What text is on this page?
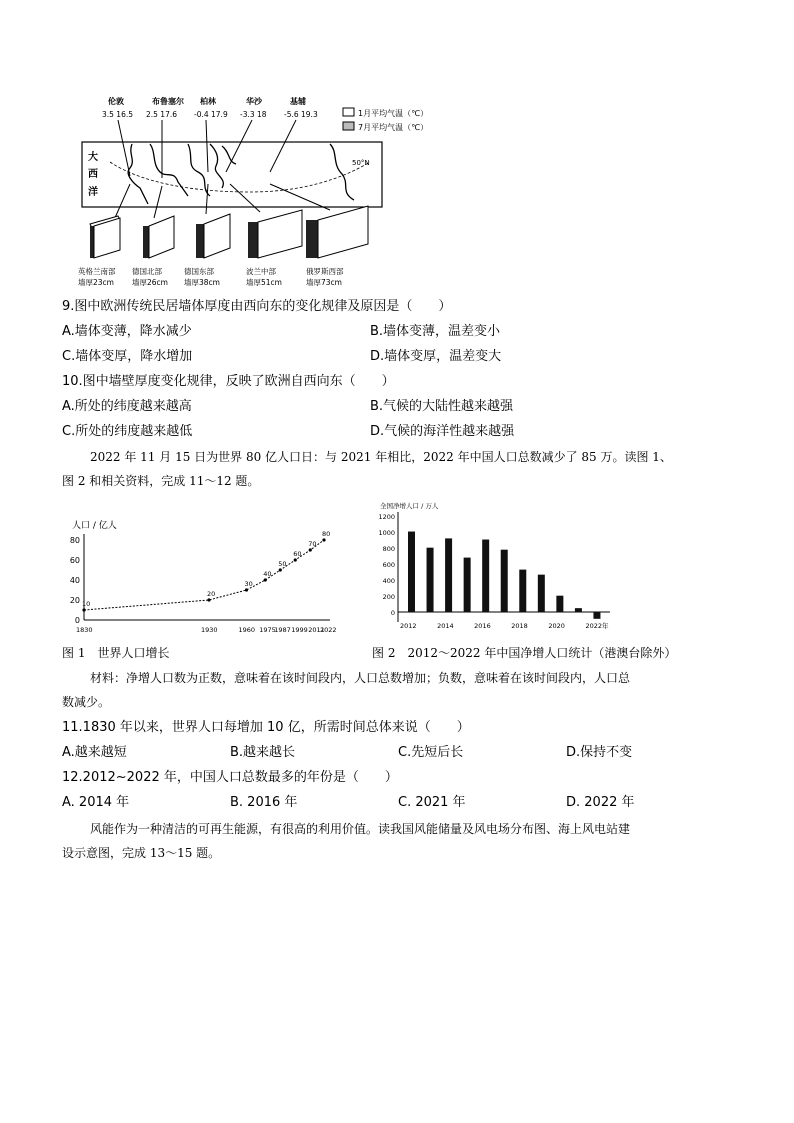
伦敦
3.5 16.5
布鲁塞尔
2.5 17.6
柏林
-0.4 17.9
华沙
-3.3 18
基辅
-5.6 19.3	1月平均气温（℃）
7月平均气温（℃）
50°N
大
西
洋
英格兰南部
墙厚23cm
德国北部
墙厚26cm
德国东部
墙厚38cm
波兰中部
墙厚51cm
俄罗斯西部
墙厚73cm
9.图中欧洲传统民居墙体厚度由西向东的变化规律及原因是（　　）
A.墙体变薄，降水减少	B.墙体变薄，温差变小
C.墙体变厚，降水增加	D.墙体变厚，温差变大
10.图中墙壁厚度变化规律，反映了欧洲自西向东（　　）
A.所处的纬度越来越高	B.气候的大陆性越来越强
C.所处的纬度越来越低	D.气候的海洋性越来越强
2022 年 11 月 15 日为世界 80 亿人口日：与 2021 年相比，2022 年中国人口总数减少了 85 万。读图 1、
图 2 和相关资料，完成 11～12 题。
人口 / 亿人
0
20
40
60
80
10
20
30
40
50
60
70
80
1830	1930	1960 1975
1987 1999 2011
2022
全国净增人口 / 万人
0
200
400
600
800
1000
1200
2012	2014	2016	2018	2020	2022年
图 1　世界人口增长	图 2　2012～2022 年中国净增人口统计（港澳台除外）
材料：净增人口数为正数，意味着在该时间段内，人口总数增加；负数，意味着在该时间段内，人口总
数减少。
11.1830 年以来，世界人口每增加 10 亿，所需时间总体来说（　　）
A.越来越短	B.越来越长	C.先短后长	D.保持不变
12.2012~2022 年，中国人口总数最多的年份是（　　）
A. 2014 年	B. 2016 年	C. 2021 年	D. 2022 年
风能作为一种清洁的可再生能源，有很高的利用价值。读我国风能储量及风电场分布图、海上风电站建
设示意图，完成 13～15 题。
